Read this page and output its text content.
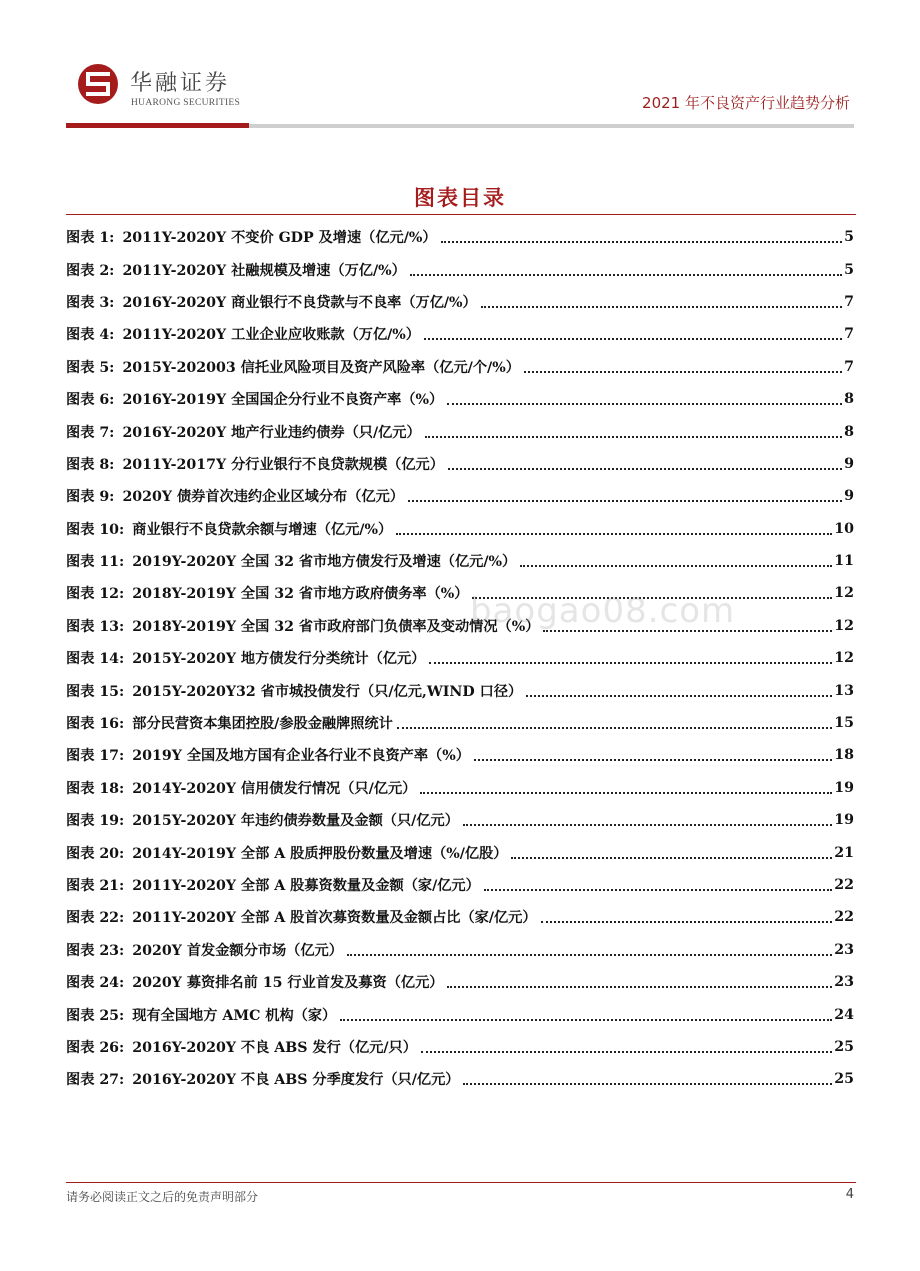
华融证券
HUARONG SECURITIES	2021 年不良资产行业趋势分析
图表目录
图表 1: 2011Y-2020Y 不变价 GDP 及增速（亿元/%）	5
图表 2: 2011Y-2020Y 社融规模及增速（万亿/%）	5
图表 3: 2016Y-2020Y 商业银行不良贷款与不良率（万亿/%）	7
图表 4: 2011Y-2020Y 工业企业应收账款（万亿/%）	7
图表 5: 2015Y-202003 信托业风险项目及资产风险率（亿元/个/%）	7
图表 6: 2016Y-2019Y 全国国企分行业不良资产率（%）	8
图表 7: 2016Y-2020Y 地产行业违约债券（只/亿元）	8
图表 8: 2011Y-2017Y 分行业银行不良贷款规模（亿元）	9
图表 9: 2020Y 债券首次违约企业区域分布（亿元）	9
图表 10: 商业银行不良贷款余额与增速（亿元/%）	10
图表 11: 2019Y-2020Y 全国 32 省市地方债发行及增速（亿元/%）	11
图表 12: 2018Y-2019Y 全国 32 省市地方政府债务率（%）	12
图表 13: 2018Y-2019Y 全国 32 省市政府部门负债率及变动情况（%）	12
图表 14: 2015Y-2020Y 地方债发行分类统计（亿元）	12
图表 15: 2015Y-2020Y32 省市城投债发行（只/亿元,WIND 口径）	13
图表 16: 部分民营资本集团控股/参股金融牌照统计	15
图表 17: 2019Y 全国及地方国有企业各行业不良资产率（%）	18
图表 18: 2014Y-2020Y 信用债发行情况（只/亿元）	19
图表 19: 2015Y-2020Y 年违约债券数量及金额（只/亿元）	19
图表 20: 2014Y-2019Y 全部 A 股质押股份数量及增速（%/亿股）	21
图表 21: 2011Y-2020Y 全部 A 股募资数量及金额（家/亿元）	22
图表 22: 2011Y-2020Y 全部 A 股首次募资数量及金额占比（家/亿元）	22
图表 23: 2020Y 首发金额分市场（亿元）	23
图表 24: 2020Y 募资排名前 15 行业首发及募资（亿元）	23
图表 25: 现有全国地方 AMC 机构（家）	24
图表 26: 2016Y-2020Y 不良 ABS 发行（亿元/只）	25
图表 27: 2016Y-2020Y 不良 ABS 分季度发行（只/亿元）	25
baogao08.com
请务必阅读正文之后的免责声明部分	4
